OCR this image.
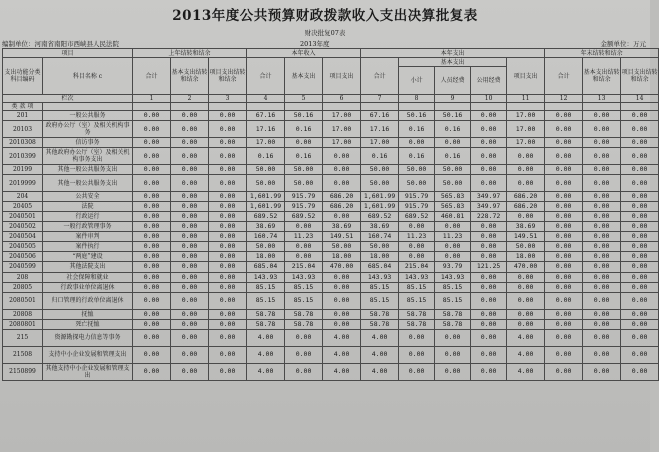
2013年度公共预算财政拨款收入支出决算批复表
财决批复07表
编制单位：河南省南阳市西峡县人民法院	2013年度	金额单位：万元
项目		上年结转和结余			本年收入			本年支出					年末结转和结余		
支出功能分类科目编码	科目名称 c	合计	基本支出结转和结余	项目支出结转和结余	合计	基本支出	项目支出	合计	基本支出			项目支出	合计	基本支出结转和结余	项目支出结转和结余
									小计	人员经费	公用经费				

栏次		1	2	3	4	5	6	7	8	9	10	11	12	13	14
类 款 项															
201	一般公共服务	0.00	0.00	0.00	67.16	50.16	17.00	67.16	50.16	50.16	0.00	17.00	0.00	0.00	0.00
20103	政府办公厅（室）及相关机构事务	0.00	0.00	0.00	17.16	0.16	17.00	17.16	0.16	0.16	0.00	17.00	0.00	0.00	0.00
2010308	信访事务	0.00	0.00	0.00	17.00	0.00	17.00	17.00	0.00	0.00	0.00	17.00	0.00	0.00	0.00
2010399	其他政府办公厅（室）及相关机构事务支出	0.00	0.00	0.00	0.16	0.16	0.00	0.16	0.16	0.16	0.00	0.00	0.00	0.00	0.00
20199	其他一般公共服务支出	0.00	0.00	0.00	50.00	50.00	0.00	50.00	50.00	50.00	0.00	0.00	0.00	0.00	0.00
2019999	其他一般公共服务支出	0.00	0.00	0.00	50.00	50.00	0.00	50.00	50.00	50.00	0.00	0.00	0.00	0.00	0.00
204	公共安全	0.00	0.00	0.00	1,601.99	915.79	686.20	1,601.99	915.79	565.83	349.97	686.20	0.00	0.00	0.00
20405	法院	0.00	0.00	0.00	1,601.99	915.79	686.20	1,601.99	915.79	565.83	349.97	686.20	0.00	0.00	0.00
2040501	行政运行	0.00	0.00	0.00	689.52	689.52	0.00	689.52	689.52	460.81	228.72	0.00	0.00	0.00	0.00
2040502	一般行政管理事务	0.00	0.00	0.00	38.69	0.00	38.69	38.69	0.00	0.00	0.00	38.69	0.00	0.00	0.00
2040504	案件审判	0.00	0.00	0.00	160.74	11.23	149.51	160.74	11.23	11.23	0.00	149.51	0.00	0.00	0.00
2040505	案件执行	0.00	0.00	0.00	50.00	0.00	50.00	50.00	0.00	0.00	0.00	50.00	0.00	0.00	0.00
2040506	“两庭”建设	0.00	0.00	0.00	18.00	0.00	18.00	18.00	0.00	0.00	0.00	18.00	0.00	0.00	0.00
2040599	其他法院支出	0.00	0.00	0.00	685.04	215.04	470.00	685.04	215.04	93.79	121.25	470.00	0.00	0.00	0.00
208	社会保障和就业	0.00	0.00	0.00	143.93	143.93	0.00	143.93	143.93	143.93	0.00	0.00	0.00	0.00	0.00
20805	行政事业单位离退休	0.00	0.00	0.00	85.15	85.15	0.00	85.15	85.15	85.15	0.00	0.00	0.00	0.00	0.00
2080501	归口管理的行政单位离退休	0.00	0.00	0.00	85.15	85.15	0.00	85.15	85.15	85.15	0.00	0.00	0.00	0.00	0.00
20808	抚恤	0.00	0.00	0.00	58.78	58.78	0.00	58.78	58.78	58.78	0.00	0.00	0.00	0.00	0.00
2080801	死亡抚恤	0.00	0.00	0.00	58.78	58.78	0.00	58.78	58.78	58.78	0.00	0.00	0.00	0.00	0.00
215	资源勘探电力信息等事务	0.00	0.00	0.00	4.00	0.00	4.00	4.00	0.00	0.00	0.00	4.00	0.00	0.00	0.00
21508	支持中小企业发展和管理支出	0.00	0.00	0.00	4.00	0.00	4.00	4.00	0.00	0.00	0.00	4.00	0.00	0.00	0.00
2150899	其他支持中小企业发展和管理支出	0.00	0.00	0.00	4.00	0.00	4.00	4.00	0.00	0.00	0.00	4.00	0.00	0.00	0.00
